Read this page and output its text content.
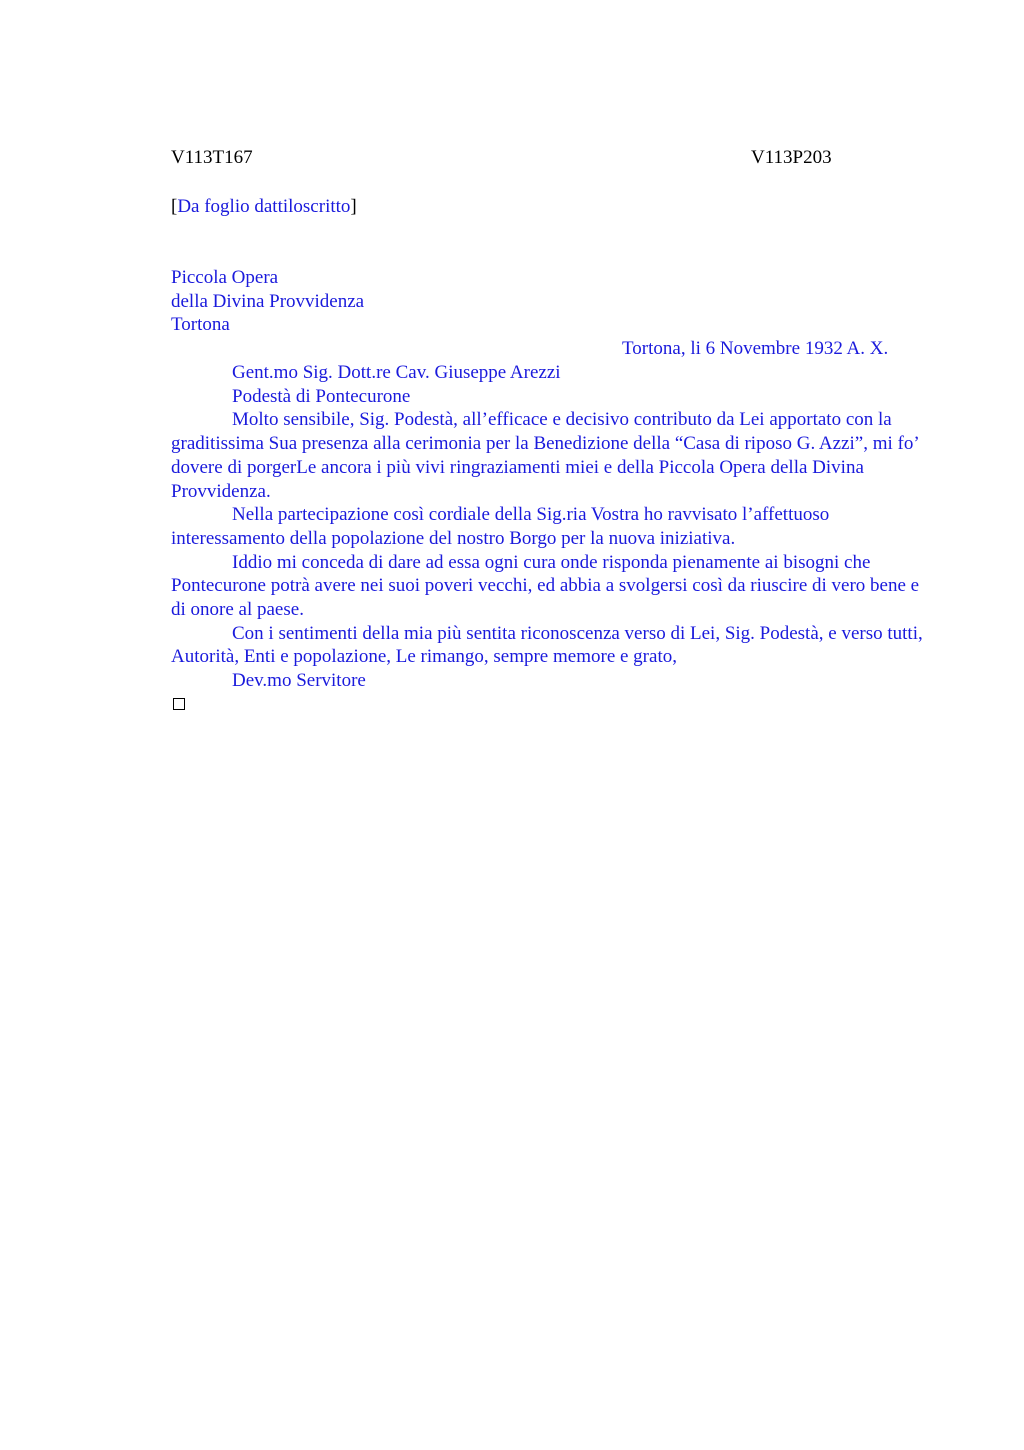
V113T167	V113P203
[Da foglio dattiloscritto]
Piccola Opera
della Divina Provvidenza
Tortona
Tortona, li 6 Novembre 1932 A. X.
Gent.mo Sig. Dott.re Cav. Giuseppe Arezzi
Podestà di Pontecurone

Molto sensibile, Sig. Podestà, all’efficace e decisivo contributo da Lei apportato con la graditissima Sua presenza alla cerimonia per la Benedizione della “Casa di riposo G. Azzi”, mi fo’ dovere di porgerLe ancora i più vivi ringraziamenti miei e della Piccola Opera della Divina Provvidenza.

Nella partecipazione così cordiale della Sig.ria Vostra ho ravvisato l’affettuoso interessamento della popolazione del nostro Borgo per la nuova iniziativa.

Iddio mi conceda di dare ad essa ogni cura onde risponda pienamente ai bisogni che Pontecurone potrà avere nei suoi poveri vecchi, ed abbia a svolgersi così da riuscire di vero bene e di onore al paese.

Con i sentimenti della mia più sentita riconoscenza verso di Lei, Sig. Podestà, e verso tutti, Autorità, Enti e popolazione, Le rimango, sempre memore e grato,

Dev.mo Servitore
